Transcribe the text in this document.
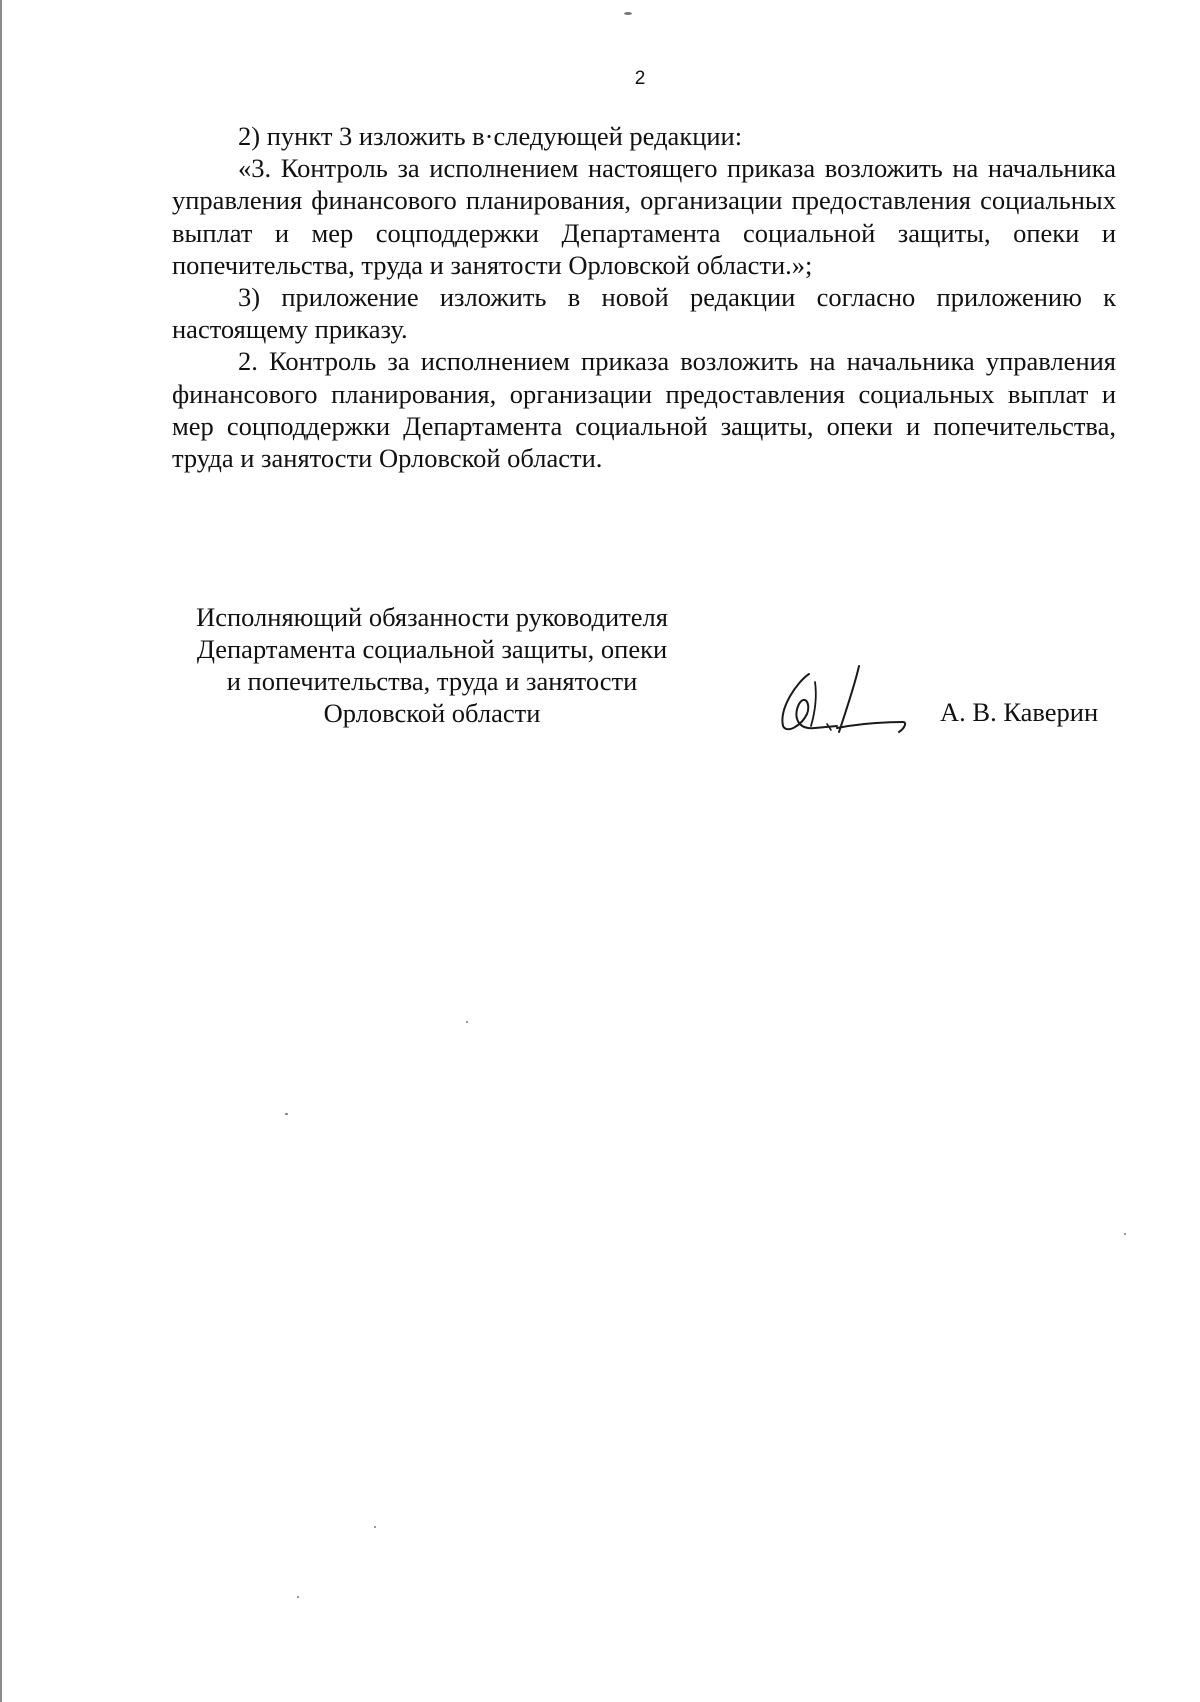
2

2) пункт 3 изложить в·следующей редакции:

«3. Контроль за исполнением настоящего приказа возложить на начальника управления финансового планирования, организации предоставления социальных выплат и мер соцподдержки Департамента социальной защиты, опеки и попечительства, труда и занятости Орловской области.»;

3) приложение изложить в новой редакции согласно приложению к настоящему приказу.

2. Контроль за исполнением приказа возложить на начальника управления финансового планирования, организации предоставления социальных выплат и мер соцподдержки Департамента социальной защиты, опеки и попечительства, труда и занятости Орловской области.

Исполняющий обязанности руководителя
Департамента социальной защиты, опеки
и попечительства, труда и занятости
Орловской области	А. В. Каверин
